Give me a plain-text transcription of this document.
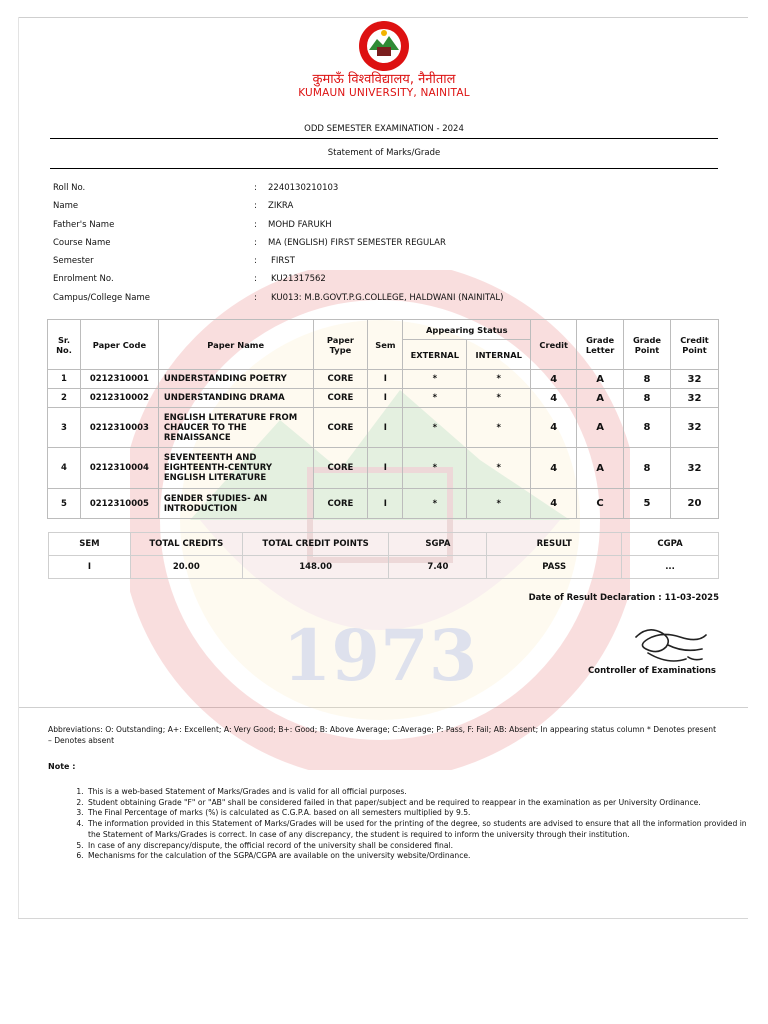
1973
कुमाऊँ विश्वविद्यालय, नैनीताल
KUMAUN UNIVERSITY, NAINITAL
ODD SEMESTER EXAMINATION - 2024
Statement of Marks/Grade
Roll No.	: 2240130210103
Name	: ZIKRA
Father's Name	: MOHD FARUKH
Course Name	: MA (ENGLISH) FIRST SEMESTER REGULAR
Semester	: FIRST
Enrolment No.	: KU21317562
Campus/College Name	: KU013: M.B.GOVT.P.G.COLLEGE, HALDWANI (NAINITAL)
Sr. No.	Paper Code	Paper Name	Paper Type	Sem	Appearing Status		Credit	Grade Letter	Grade Point	Credit Point
					EXTERNAL	INTERNAL				
1	0212310001	UNDERSTANDING POETRY	CORE	I	*	*	4	A	8	32
2	0212310002	UNDERSTANDING DRAMA	CORE	I	*	*	4	A	8	32
3	0212310003	ENGLISH LITERATURE FROM CHAUCER TO THE RENAISSANCE	CORE	I	*	*	4	A	8	32
4	0212310004	SEVENTEENTH AND EIGHTEENTH-CENTURY ENGLISH LITERATURE	CORE	I	*	*	4	A	8	32
5	0212310005	GENDER STUDIES- AN INTRODUCTION	CORE	I	*	*	4	C	5	20
SEM	TOTAL CREDITS	TOTAL CREDIT POINTS	SGPA	RESULT	CGPA
I	20.00	148.00	7.40	PASS	...
Date of Result Declaration : 11-03-2025
Controller of Examinations
Abbreviations: O: Outstanding; A+: Excellent; A: Very Good; B+: Good; B: Above Average; C:Average; P: Pass, F: Fail; AB: Absent; In appearing status column * Denotes present – Denotes absent
Note :
1. This is a web-based Statement of Marks/Grades and is valid for all official purposes.
2. Student obtaining Grade "F" or "AB" shall be considered failed in that paper/subject and be required to reappear in the examination as per University Ordinance.
3. The Final Percentage of marks (%) is calculated as C.G.P.A. based on all semesters multiplied by 9.5.
4. The information provided in this Statement of Marks/Grades will be used for the printing of the degree, so students are advised to ensure that all the information provided in the Statement of Marks/Grades is correct. In case of any discrepancy, the student is required to inform the university through their institution.
5. In case of any discrepancy/dispute, the official record of the university shall be considered final.
6. Mechanisms for the calculation of the SGPA/CGPA are available on the university website/Ordinance.
